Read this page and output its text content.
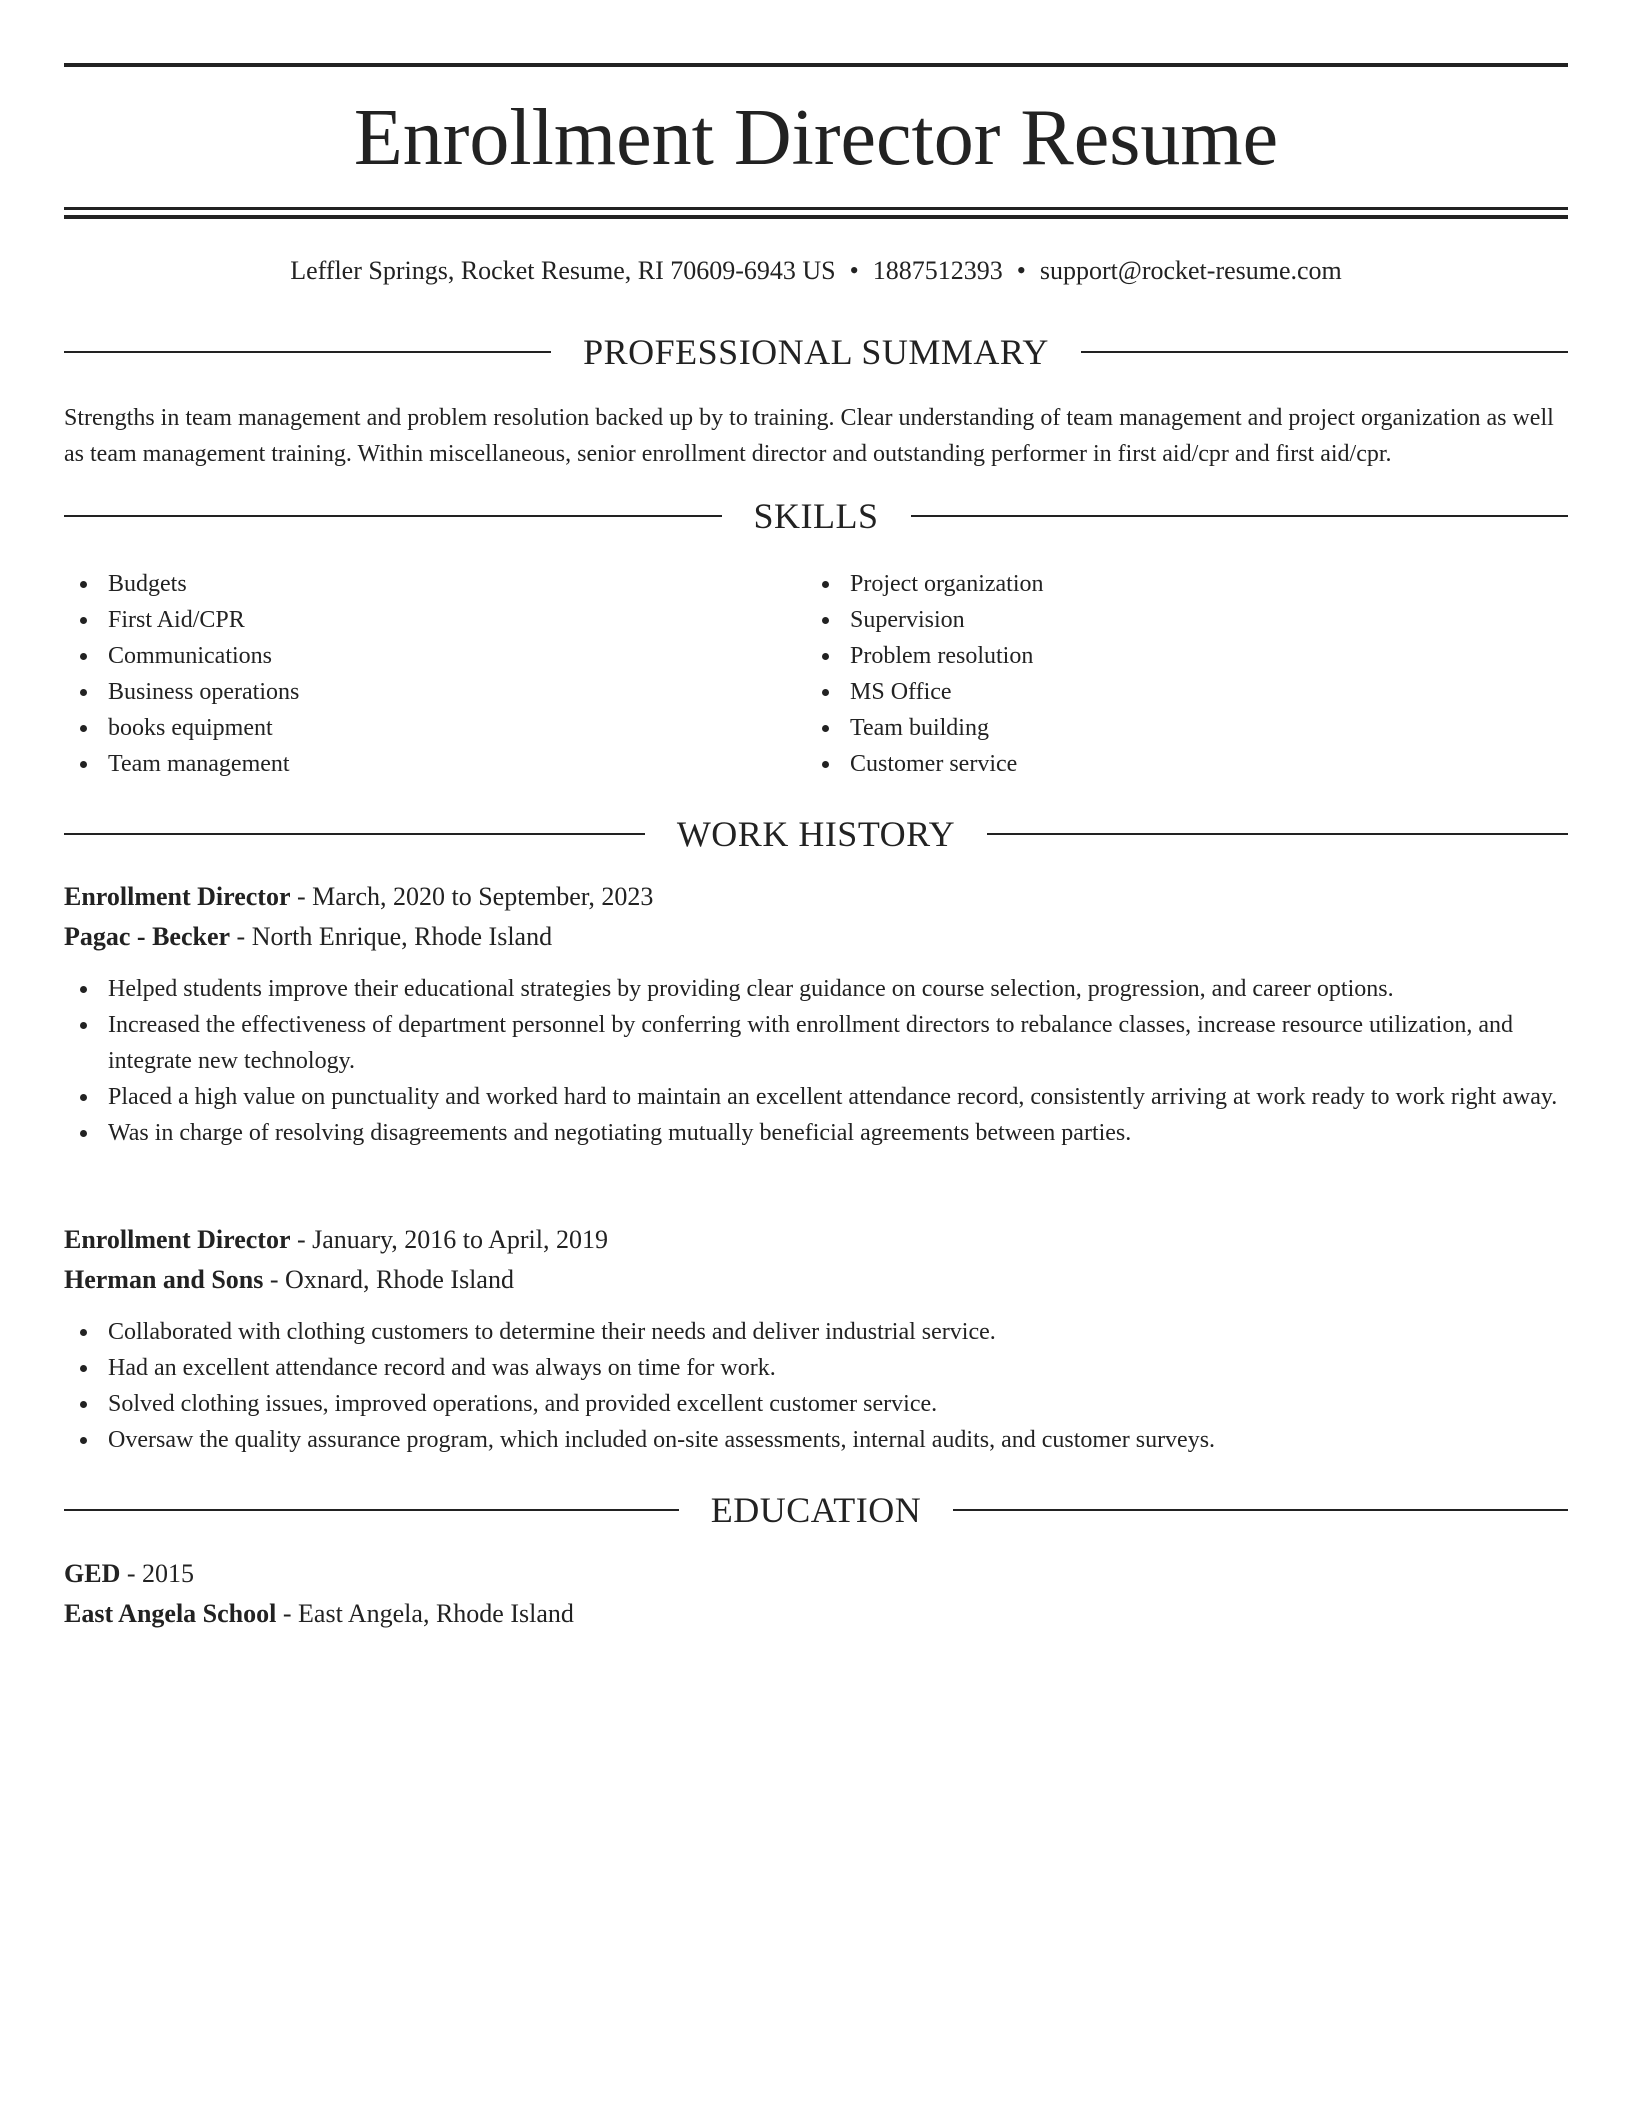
Enrollment Director Resume
Leffler Springs, Rocket Resume, RI 70609-6943 US • 1887512393 • support@rocket-resume.com
PROFESSIONAL SUMMARY

Strengths in team management and problem resolution backed up by to training. Clear understanding of team management and project organization as well as team management training. Within miscellaneous, senior enrollment director and outstanding performer in first aid/cpr and first aid/cpr.

SKILLS
Budgets
First Aid/CPR
Communications
Business operations
books equipment
Team management
Project organization
Supervision
Problem resolution
MS Office
Team building
Customer service
WORK HISTORY
Enrollment Director - March, 2020 to September, 2023
Pagac - Becker - North Enrique, Rhode Island
Helped students improve their educational strategies by providing clear guidance on course selection, progression, and career options.
Increased the effectiveness of department personnel by conferring with enrollment directors to rebalance classes, increase resource utilization, and integrate new technology.
Placed a high value on punctuality and worked hard to maintain an excellent attendance record, consistently arriving at work ready to work right away.
Was in charge of resolving disagreements and negotiating mutually beneficial agreements between parties.
Enrollment Director - January, 2016 to April, 2019
Herman and Sons - Oxnard, Rhode Island
Collaborated with clothing customers to determine their needs and deliver industrial service.
Had an excellent attendance record and was always on time for work.
Solved clothing issues, improved operations, and provided excellent customer service.
Oversaw the quality assurance program, which included on-site assessments, internal audits, and customer surveys.
EDUCATION
GED - 2015
East Angela School - East Angela, Rhode Island
